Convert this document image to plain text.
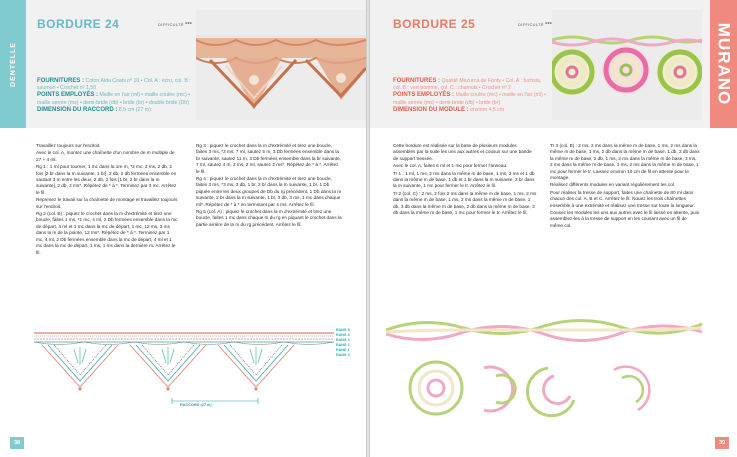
DENTELLE
BORDURE 24	DIFFICULTÉ ***
FOURNITURES : Coton Aida Coats nº 10 • Col. A : écru, col. B : saumon • Crochet nº 1,50
POINTS EMPLOYÉS : Maille en l'air (ml) • maille coulée (mc) • maille serrée (ms) • demi-bride (db) • bride (br) • double bride (Db)
DIMENSION DU RACCORD : 8,5 cm (27 m)

Travaillez toujours sur l'endroit.

Avec le col. A, montez une chaînette d'un nombre de m multiple de 27 + 4 ml.

Rg 1 : 1 ml pour tourner, 1 mc dans la 1re m, *2 mc, 2 ms, 2 db, 2 fois [2 br dans la m suivante, 1 br], 2 db, 2 db fermées ensemble en sautant 3 m entre les deux, 2 db, 2 fois [1 br, 2 br dans la m suivante], 2 db, 2 ms*. Répétez de * à *. Terminez par 3 mc. Arrêtez le fil.

Reprenez le travail sur la chaînette de montage et travaillez toujours sur l'endroit.

Rg 2 (col. B) : piquez le crochet dans la m d'extrémité et tirez une boucle, faites 1 ms, *1 mc, 4 ml, 2 Db fermées ensemble dans la mc de départ, 4 ml et 1 mc dans la mc de départ, 1 mc, 12 ms, 3 ms dans la m de la pointe, 12 ms*. Répétez de * à *. Terminez par 1 mc, 4 ml, 2 Db fermées ensemble dans la mc de départ, 4 ml et 1 mc dans la mc de départ, 1 ms, 1 ms dans la dernière m. Arrêtez le fil.

Rg 3 : piquez le crochet dans la m d'extrémité et tirez une boucle, faites 3 ms, *2 ms, 7 ml, sautez 5 m, 3 Db fermées ensemble dans la br suivante, sautez 11 m, 3 Db fermées ensemble dans la br suivante, 7 ml, sautez 4 m, 2 ms, 2 ml, sautez 2 ms*. Répétez de * à *. Arrêtez le fil.

Rg 4 : piquez le crochet dans la m d'extrémité et tirez une boucle, faites 3 ms, *3 ms, 3 db, 1 br, 2 br dans la m suivante, 1 br, 1 Db piquée entre les deux groupes de Db du rg précédent, 1 Db dans la m suivante, 2 br dans la m suivante, 1 br, 3 db, 3 ms, 1 mc dans chaque ml*. Répétez de * à * en terminant par 4 ms. Arrêtez le fil.

Rg 5 (col. A) : piquez le crochet dans la m d'extrémité et tirez une boucle, faites 1 mc dans chaque m du rg en piquant le crochet dans la partie arrière de la m du rg précédent. Arrêtez le fil.

RANG 5
RANG 4
RANG 3
RANG 2
RANG 1
RANG 2
RACCORD (27 m)
38
BORDURE 25	DIFFICULTÉ ***
FOURNITURES : Qualité Mazurca de Fonty • Col. A : fuchsia, col. B : vert pomme, col. C : chamois • Crochet nº 2
POINTS EMPLOYÉS : Maille coulée (mc) • maille en l'air (ml) • maille serrée (ms) • demi-bride (db) • bride (br)
DIMENSION DU MODULE : environ 4,5 cm
MURANO

Cette bordure est réalisée sur la base de plusieurs modules assemblés par la suite les uns aux autres et cousus sur une bande de support tressée.

Avec le col. A, faites 6 ml et 1 mc pour fermer l'anneau.

Tr 1 : 1 ml, 1 ms, 2 ms dans la même m de base, 1 ms, 2 ms et 1 db dans la même m de base, 1 db et 1 br dans la m suivante, 3 br dans la m suivante, 1 mc pour fermer le tr. Arrêtez le fil.

Tr 2 (col. C) : 2 ms, 2 fois 2 ms dans la même m de base, 1 ms, 2 ms dans la même m de base, 1 ms, 2 ms dans la même m de base, 1 db, 3 db dans la même m de base, 2 db dans la même m de base, 3 db dans la même m de base, 1 mc pour fermer le tr. Arrêtez le fil.

Tr 3 (col. B) : 2 ms, 2 ms dans la même m de base, 1 ms, 2 ms dans la même m de base, 1 ms, 2 db dans la même m de base, 1 db, 2 db dans la même m de base, 2 db, 1 ms, 2 ms dans la même m de base, 3 ms, 2 ms dans la même m de base, 1 ms, 2 ms dans la même m de base, 1 mc pour fermer le tr. Laissez environ 10 cm de fil en attente pour le montage.

Réalisez différents modules en variant régulièrement les col.

Pour réaliser la tresse de support, faites une chaînette de 80 ml dans chacun des col. A, B et C. Arrêtez le fil. Nouez les trois chaînettes ensemble à une extrémité et réalisez une tresse sur toute la longueur.

Cousez les modules les uns aux autres avec le fil laissé en attente, puis assemblez-les à la tresse de support en les cousant avec un fil de même col.

39
